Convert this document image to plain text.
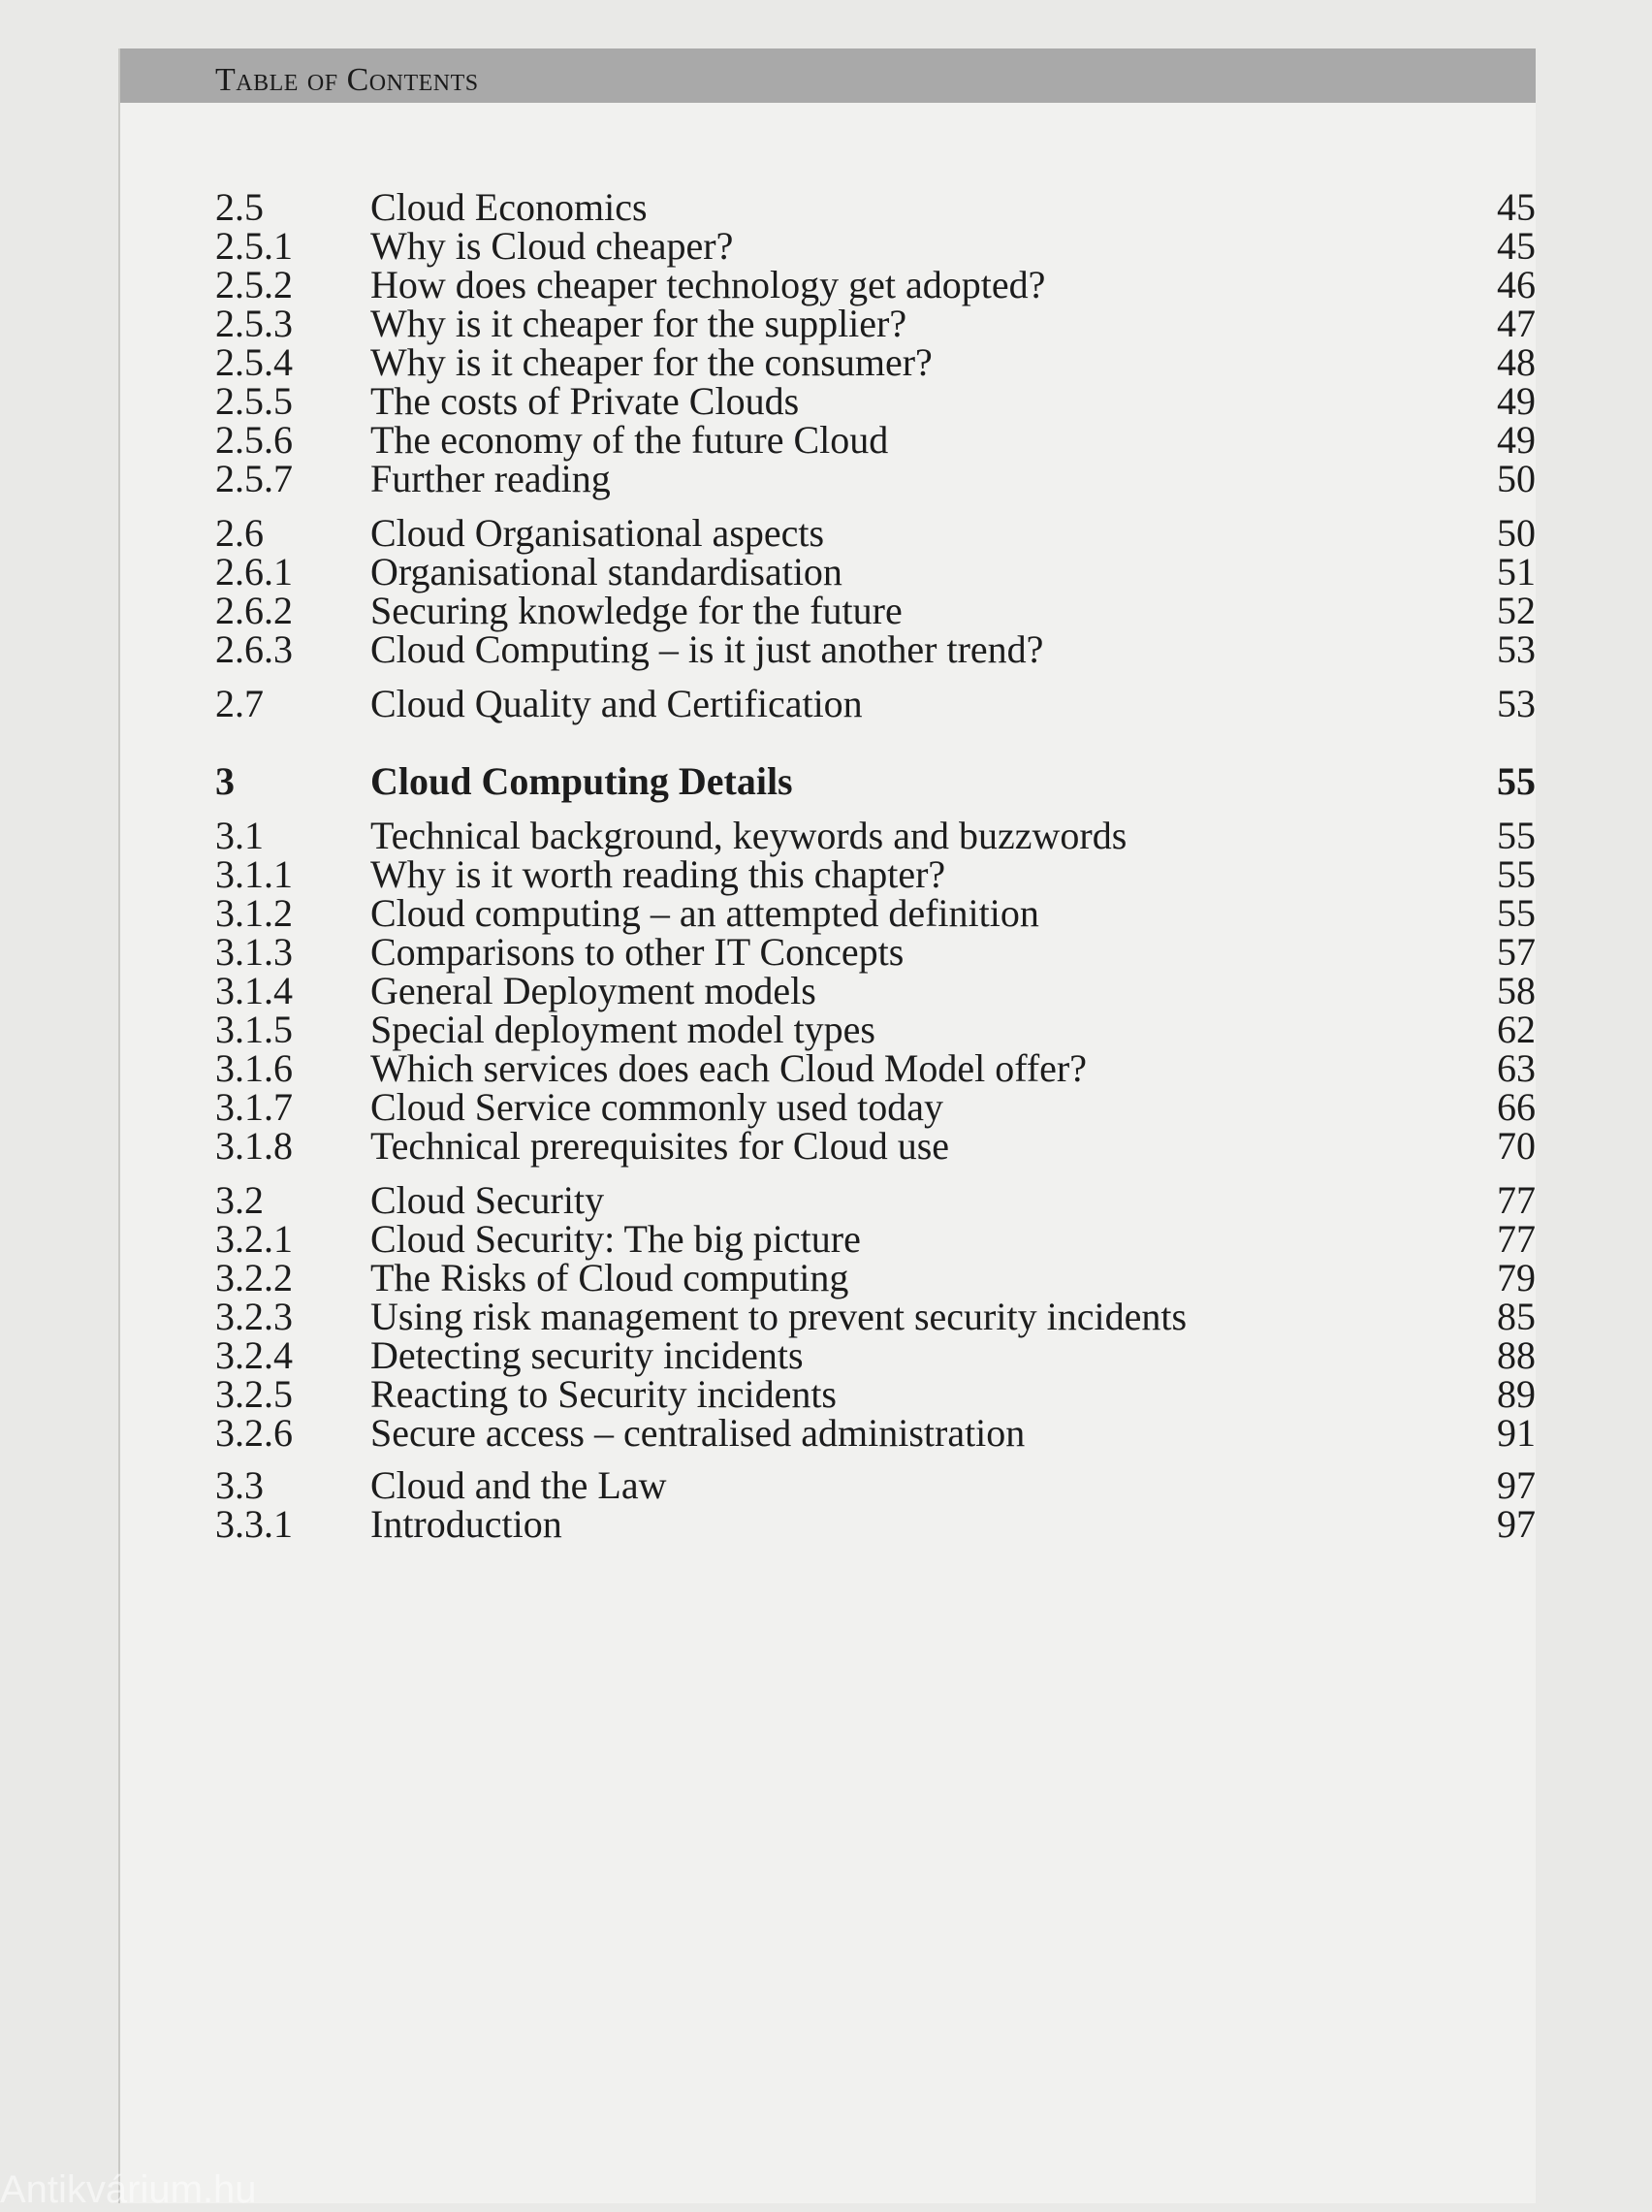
Table of Contents
2.5	Cloud Economics	45
2.5.1 Why is Cloud cheaper?	45
2.5.2 How does cheaper technology get adopted?	46
2.5.3 Why is it cheaper for the supplier?	47
2.5.4 Why is it cheaper for the consumer?	48
2.5.5 The costs of Private Clouds	49
2.5.6 The economy of the future Cloud	49
2.5.7 Further reading	50
2.6	Cloud Organisational aspects	50
2.6.1 Organisational standardisation	51
2.6.2 Securing knowledge for the future	52
2.6.3 Cloud Computing – is it just another trend?	53
2.7	Cloud Quality and Certification	53
3	Cloud Computing Details	55
3.1	Technical background, keywords and buzzwords	55
3.1.1 Why is it worth reading this chapter?	55
3.1.2 Cloud computing – an attempted definition	55
3.1.3 Comparisons to other IT Concepts	57
3.1.4 General Deployment models	58
3.1.5 Special deployment model types	62
3.1.6 Which services does each Cloud Model offer?	63
3.1.7 Cloud Service commonly used today	66
3.1.8 Technical prerequisites for Cloud use	70
3.2	Cloud Security	77
3.2.1 Cloud Security: The big picture	77
3.2.2 The Risks of Cloud computing	79
3.2.3 Using risk management to prevent security incidents	85
3.2.4 Detecting security incidents	88
3.2.5 Reacting to Security incidents	89
3.2.6 Secure access – centralised administration	91
3.3	Cloud and the Law	97
3.3.1 Introduction	97
Antikvárium.hu
